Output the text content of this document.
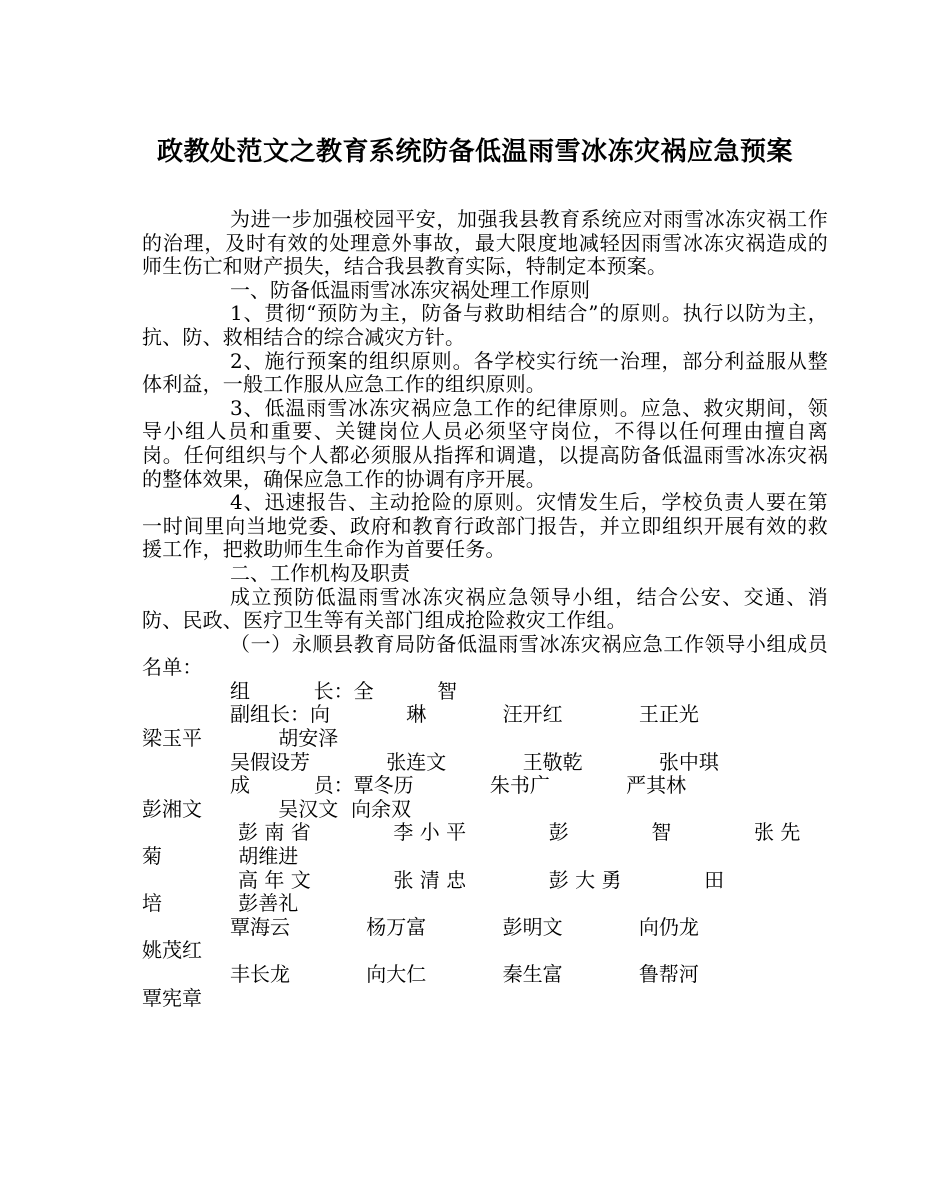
政教处范文之教育系统防备低温雨雪冰冻灾祸应急预案

为进一步加强校园平安，加强我县教育系统应对雨雪冰冻灾祸工作的治理，及时有效的处理意外事故，最大限度地减轻因雨雪冰冻灾祸造成的师生伤亡和财产损失，结合我县教育实际，特制定本预案。

一、防备低温雨雪冰冻灾祸处理工作原则

1、贯彻“预防为主，防备与救助相结合”的原则。执行以防为主，抗、防、救相结合的综合减灾方针。

2、施行预案的组织原则。各学校实行统一治理，部分利益服从整体利益，一般工作服从应急工作的组织原则。

3、低温雨雪冰冻灾祸应急工作的纪律原则。应急、救灾期间，领导小组人员和重要、关键岗位人员必须坚守岗位，不得以任何理由擅自离岗。任何组织与个人都必须服从指挥和调遣，以提高防备低温雨雪冰冻灾祸的整体效果，确保应急工作的协调有序开展。

4、迅速报告、主动抢险的原则。灾情发生后，学校负责人要在第一时间里向当地党委、政府和教育行政部门报告，并立即组织开展有效的救援工作，把救助师生生命作为首要任务。

二、工作机构及职责

成立预防低温雨雪冰冻灾祸应急领导小组，结合公安、交通、消防、民政、医疗卫生等有关部门组成抢险救灾工作组。

（一）永顺县教育局防备低温雨雪冰冻灾祸应急工作领导小组成员名单：

组          长：全          智

副组长：向            琳            汪开红            王正光

梁玉平            胡安泽

吴假设芳            张连文            王敬乾            张中琪

成          员：覃冬历            朱书广            严其林

彭湘文            吴汉文  向余双

彭 南 省             李 小 平             彭             智             张 先

菊            胡维进

高 年 文             张 清 忠             彭 大 勇             田

培            彭善礼

覃海云            杨万富            彭明文            向仍龙

姚茂红

丰长龙            向大仁            秦生富            鲁帮河

覃宪章
